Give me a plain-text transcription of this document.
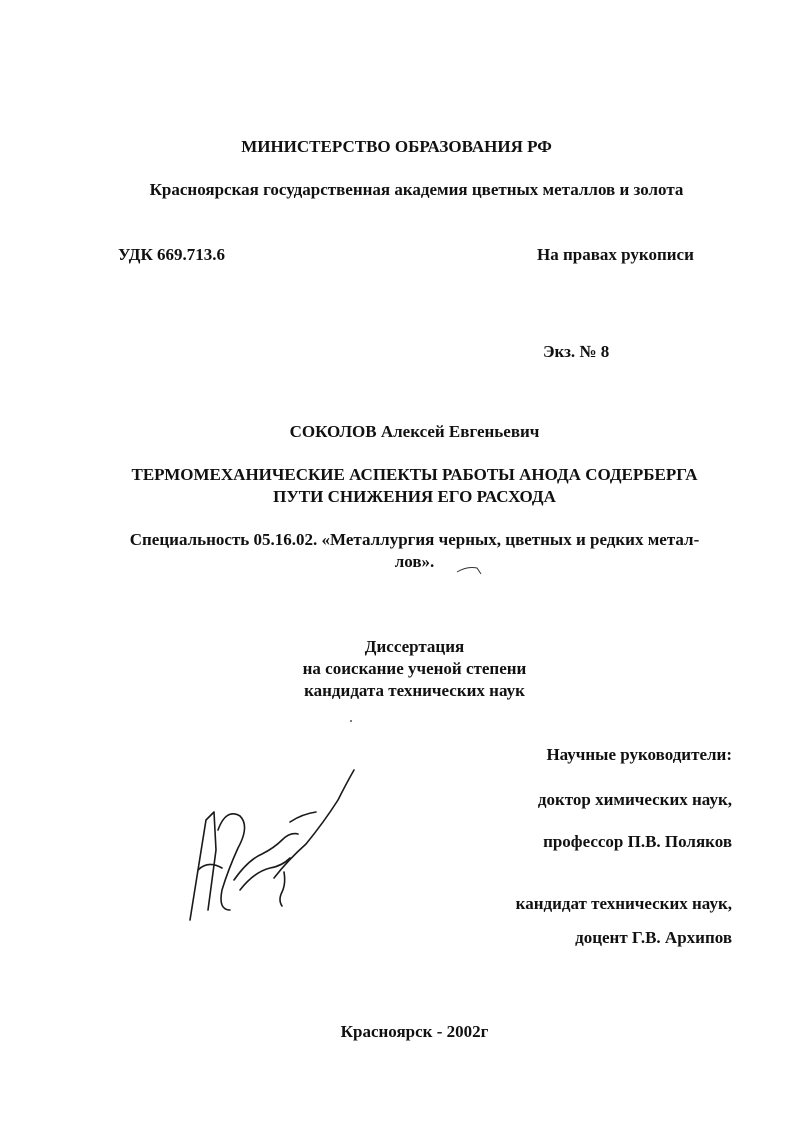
МИНИСТЕРСТВО ОБРАЗОВАНИЯ РФ
Красноярская государственная академия цветных металлов и золота
УДК 669.713.6	На правах рукописи
Экз. № 8
СОКОЛОВ Алексей Евгеньевич
ТЕРМОМЕХАНИЧЕСКИЕ АСПЕКТЫ РАБОТЫ АНОДА СОДЕРБЕРГА
ПУТИ СНИЖЕНИЯ ЕГО РАСХОДА
Специальность 05.16.02. «Металлургия черных, цветных и редких метал-
лов».
Диссертация
на соискание ученой степени
кандидата технических наук
Научные руководители:
доктор химических наук,
профессор П.В. Поляков
кандидат технических наук,
доцент Г.В. Архипов
Красноярск - 2002г
